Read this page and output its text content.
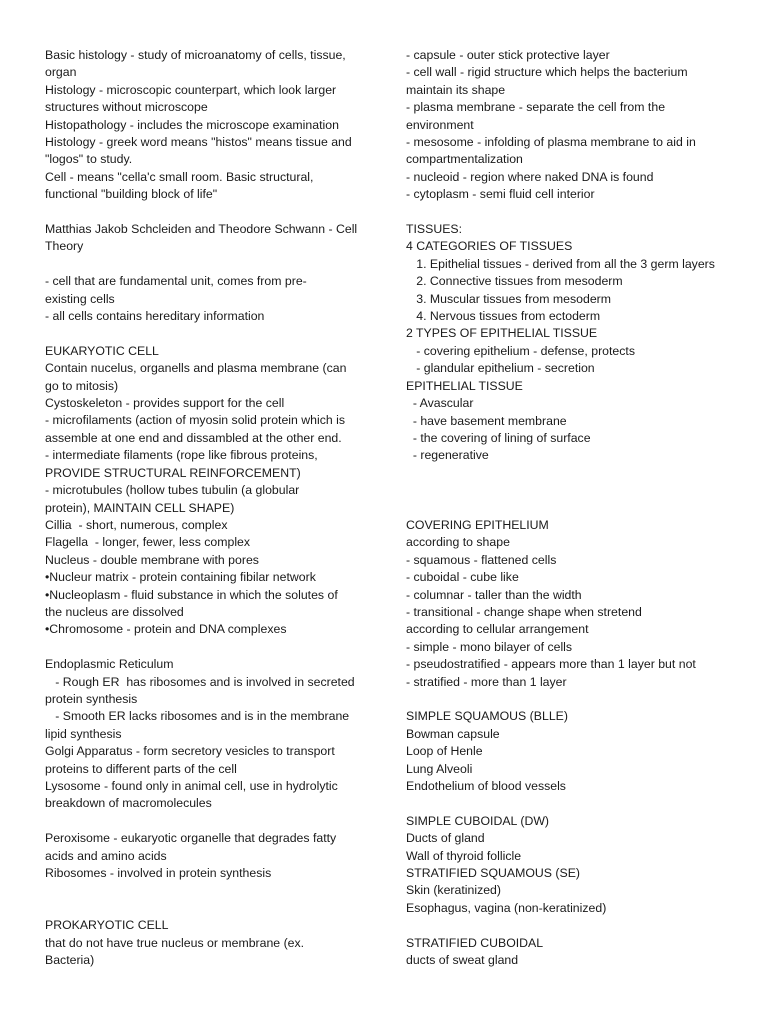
Basic histology - study of microanatomy of cells, tissue,
organ
Histology - microscopic counterpart, which look larger
structures without microscope
Histopathology - includes the microscope examination
Histology - greek word means "histos" means tissue and
"logos" to study.
Cell - means "cella'c small room. Basic structural,
functional "building block of life"
Matthias Jakob Schcleiden and Theodore Schwann - Cell
Theory
- cell that are fundamental unit, comes from pre-
existing cells
- all cells contains hereditary information
EUKARYOTIC CELL
Contain nucelus, organells and plasma membrane (can
go to mitosis)
Cystoskeleton - provides support for the cell
- microfilaments (action of myosin solid protein which is
assemble at one end and dissambled at the other end.
- intermediate filaments (rope like fibrous proteins,
PROVIDE STRUCTURAL REINFORCEMENT)
- microtubules (hollow tubes tubulin (a globular
protein), MAINTAIN CELL SHAPE)
Cillia  - short, numerous, complex
Flagella  - longer, fewer, less complex
Nucleus - double membrane with pores
•Nucleur matrix - protein containing fibilar network
•Nucleoplasm - fluid substance in which the solutes of
the nucleus are dissolved
•Chromosome - protein and DNA complexes
Endoplasmic Reticulum
- Rough ER  has ribosomes and is involved in secreted
protein synthesis
- Smooth ER lacks ribosomes and is in the membrane
lipid synthesis
Golgi Apparatus - form secretory vesicles to transport
proteins to different parts of the cell
Lysosome - found only in animal cell, use in hydrolytic
breakdown of macromolecules
Peroxisome - eukaryotic organelle that degrades fatty
acids and amino acids
Ribosomes - involved in protein synthesis
PROKARYOTIC CELL
that do not have true nucleus or membrane (ex.
Bacteria)
- capsule - outer stick protective layer
- cell wall - rigid structure which helps the bacterium
maintain its shape
- plasma membrane - separate the cell from the
environment
- mesosome - infolding of plasma membrane to aid in
compartmentalization
- nucleoid - region where naked DNA is found
- cytoplasm - semi fluid cell interior
TISSUES:
4 CATEGORIES OF TISSUES
1. Epithelial tissues - derived from all the 3 germ layers
2. Connective tissues from mesoderm
3. Muscular tissues from mesoderm
4. Nervous tissues from ectoderm
2 TYPES OF EPITHELIAL TISSUE
- covering epithelium - defense, protects
- glandular epithelium - secretion
EPITHELIAL TISSUE
- Avascular
- have basement membrane
- the covering of lining of surface
- regenerative
COVERING EPITHELIUM
according to shape
- squamous - flattened cells
- cuboidal - cube like
- columnar - taller than the width
- transitional - change shape when stretend
according to cellular arrangement
- simple - mono bilayer of cells
- pseudostratified - appears more than 1 layer but not
- stratified - more than 1 layer
SIMPLE SQUAMOUS (BLLE)
Bowman capsule
Loop of Henle
Lung Alveoli
Endothelium of blood vessels
SIMPLE CUBOIDAL (DW)
Ducts of gland
Wall of thyroid follicle
STRATIFIED SQUAMOUS (SE)
Skin (keratinized)
Esophagus, vagina (non-keratinized)
STRATIFIED CUBOIDAL
ducts of sweat gland
